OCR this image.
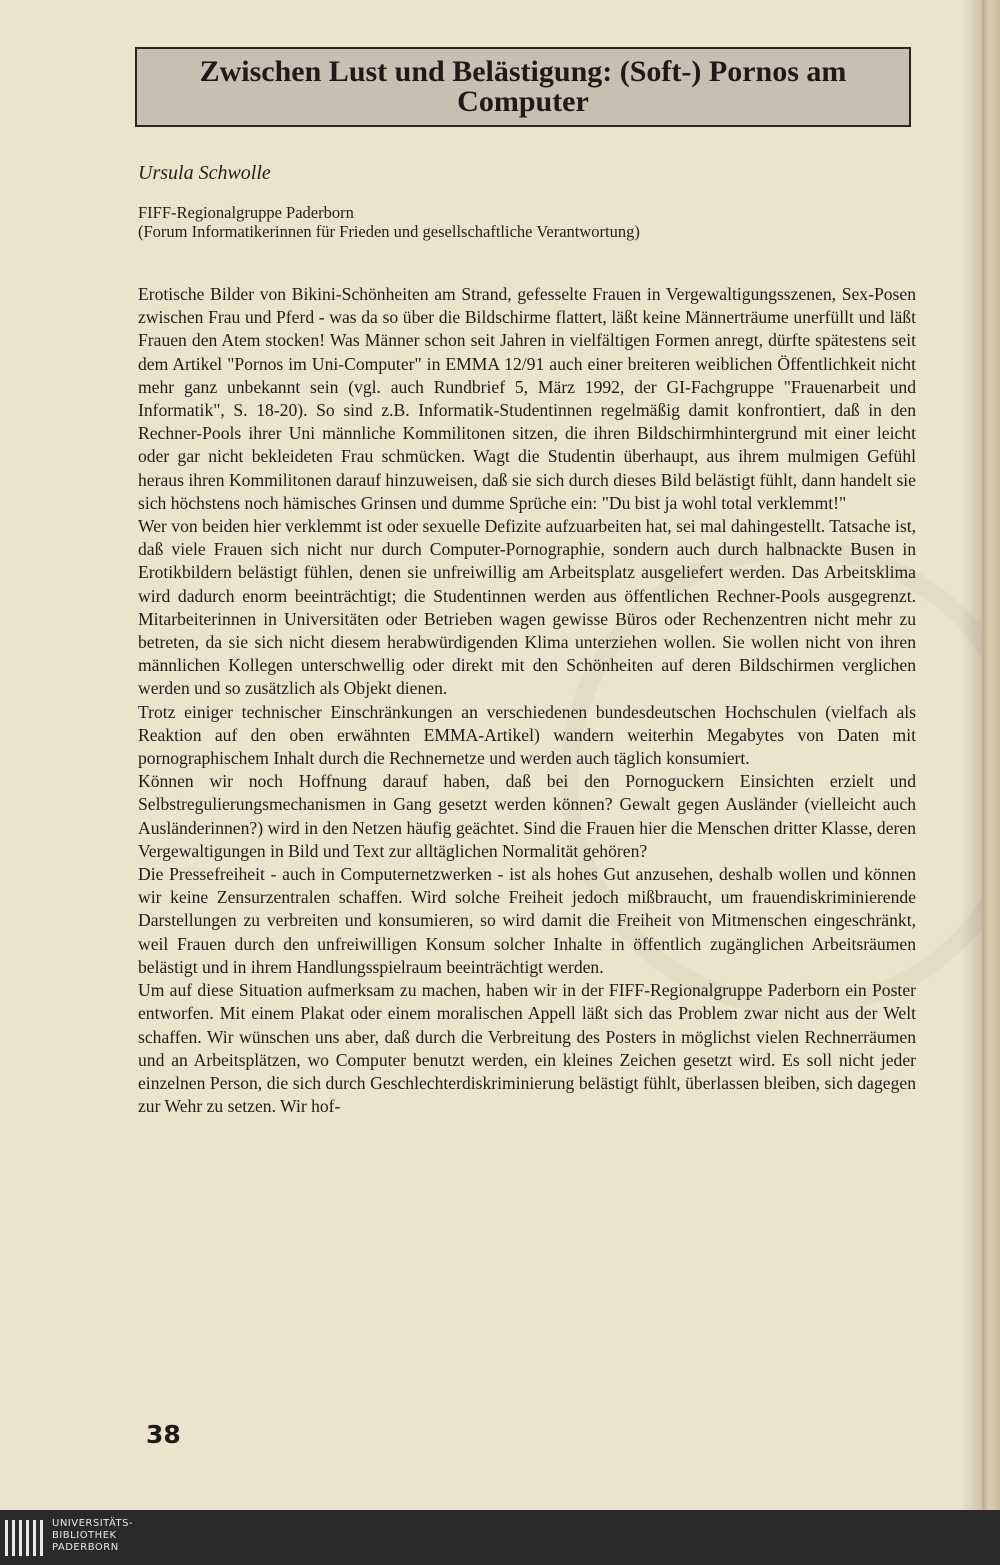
Zwischen Lust und Belästigung: (Soft-) Pornos am Computer
Ursula Schwolle
FIFF-Regionalgruppe Paderborn
(Forum Informatikerinnen für Frieden und gesellschaftliche Verantwortung)

Erotische Bilder von Bikini-Schönheiten am Strand, gefesselte Frauen in Vergewaltigungsszenen, Sex-Posen zwischen Frau und Pferd - was da so über die Bildschirme flattert, läßt keine Männerträume unerfüllt und läßt Frauen den Atem stocken! Was Männer schon seit Jahren in vielfältigen Formen anregt, dürfte spätestens seit dem Artikel "Pornos im Uni-Computer" in EMMA 12/91 auch einer breiteren weiblichen Öffentlichkeit nicht mehr ganz unbekannt sein (vgl. auch Rundbrief 5, März 1992, der GI-Fachgruppe "Frauenarbeit und Informatik", S. 18-20). So sind z.B. Informatik-Studentinnen regelmäßig damit konfrontiert, daß in den Rechner-Pools ihrer Uni männliche Kommilitonen sitzen, die ihren Bildschirmhintergrund mit einer leicht oder gar nicht bekleideten Frau schmücken. Wagt die Studentin überhaupt, aus ihrem mulmigen Gefühl heraus ihren Kommilitonen darauf hinzuweisen, daß sie sich durch dieses Bild belästigt fühlt, dann handelt sie sich höchstens noch hämisches Grinsen und dumme Sprüche ein: "Du bist ja wohl total verklemmt!"

Wer von beiden hier verklemmt ist oder sexuelle Defizite aufzuarbeiten hat, sei mal dahingestellt. Tatsache ist, daß viele Frauen sich nicht nur durch Computer-Pornographie, sondern auch durch halbnackte Busen in Erotikbildern belästigt fühlen, denen sie unfreiwillig am Arbeitsplatz ausgeliefert werden. Das Arbeitsklima wird dadurch enorm beeinträchtigt; die Studentinnen werden aus öffentlichen Rechner-Pools ausgegrenzt. Mitarbeiterinnen in Universitäten oder Betrieben wagen gewisse Büros oder Rechenzentren nicht mehr zu betreten, da sie sich nicht diesem herabwürdigenden Klima unterziehen wollen. Sie wollen nicht von ihren männlichen Kollegen unterschwellig oder direkt mit den Schönheiten auf deren Bildschirmen verglichen werden und so zusätzlich als Objekt dienen.

Trotz einiger technischer Einschränkungen an verschiedenen bundesdeutschen Hochschulen (vielfach als Reaktion auf den oben erwähnten EMMA-Artikel) wandern weiterhin Megabytes von Daten mit pornographischem Inhalt durch die Rechnernetze und werden auch täglich konsumiert.

Können wir noch Hoffnung darauf haben, daß bei den Pornoguckern Einsichten erzielt und Selbstregulierungsmechanismen in Gang gesetzt werden können? Gewalt gegen Ausländer (vielleicht auch Ausländerinnen?) wird in den Netzen häufig geächtet. Sind die Frauen hier die Menschen dritter Klasse, deren Vergewaltigungen in Bild und Text zur alltäglichen Normalität gehören?

Die Pressefreiheit - auch in Computernetzwerken - ist als hohes Gut anzusehen, deshalb wollen und können wir keine Zensurzentralen schaffen. Wird solche Freiheit jedoch mißbraucht, um frauendiskriminierende Darstellungen zu verbreiten und konsumieren, so wird damit die Freiheit von Mitmenschen eingeschränkt, weil Frauen durch den unfreiwilligen Konsum solcher Inhalte in öffentlich zugänglichen Arbeitsräumen belästigt und in ihrem Handlungsspielraum beeinträchtigt werden.

Um auf diese Situation aufmerksam zu machen, haben wir in der FIFF-Regionalgruppe Paderborn ein Poster entworfen. Mit einem Plakat oder einem moralischen Appell läßt sich das Problem zwar nicht aus der Welt schaffen. Wir wünschen uns aber, daß durch die Verbreitung des Posters in möglichst vielen Rechnerräumen und an Arbeitsplätzen, wo Computer benutzt werden, ein kleines Zeichen gesetzt wird. Es soll nicht jeder einzelnen Person, die sich durch Geschlechterdiskriminierung belästigt fühlt, überlassen bleiben, sich dagegen zur Wehr zu setzen. Wir hof-

38
UNIVERSITÄTS-
BIBLIOTHEK
PADERBORN
